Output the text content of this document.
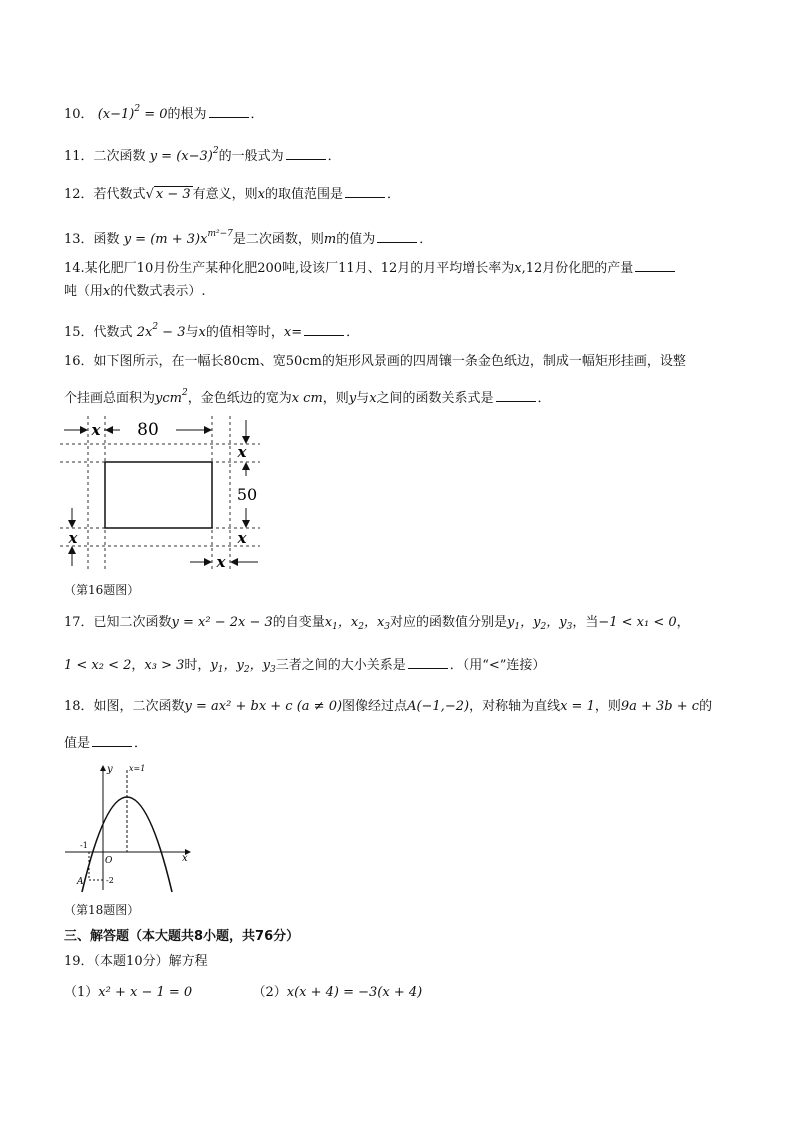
10． $(x-1)^2 = 0$的根为	．
11．二次函数 $y = (x-3)^2$的一般式为	．
12．若代数式√ x − 3 有意义，则x的取值范围是	．
13．函数 $y = (m + 3)x^{m^2-7}$是二次函数，则m的值为	．
14.某化肥厂10月份生产某种化肥200吨,设该厂11月、12月的月平均增长率为x,12月份化肥的产量
吨（用x的代数式表示）.
15．代数式 $2x^2 - 3$与x的值相等时，x=	．
16．如下图所示，在一幅长80cm、宽50cm的矩形风景画的四周镶一条金色纸边，制成一幅矩形挂画，设整
个挂画总面积为ycm$^2$，金色纸边的宽为x cm，则y与x之间的函数关系式是	．
80
x
x
50
x
x
x
（第16题图）
17．已知二次函数y = x² − 2x − 3的自变量$x_1$，$x_2$，$x_3$对应的函数值分别是$y_1$，$y_2$，$y_3$，当−1 < x₁ < 0，
1 < x₂ < 2，x₃ > 3时，$y_1$，$y_2$，$y_3$三者之间的大小关系是	．（用“<”连接）
18．如图，二次函数y = ax² + bx + c (a ≠ 0)图像经过点A(−1,−2)，对称轴为直线x = 1，则9a + 3b + c的
值是	．
x
y
O
x=1
-1
-2
A
（第18题图）
三、解答题（本大题共8小题，共76分）
19．（本题10分）解方程
（1）x² + x − 1 = 0	（2）x(x + 4) = −3(x + 4)
